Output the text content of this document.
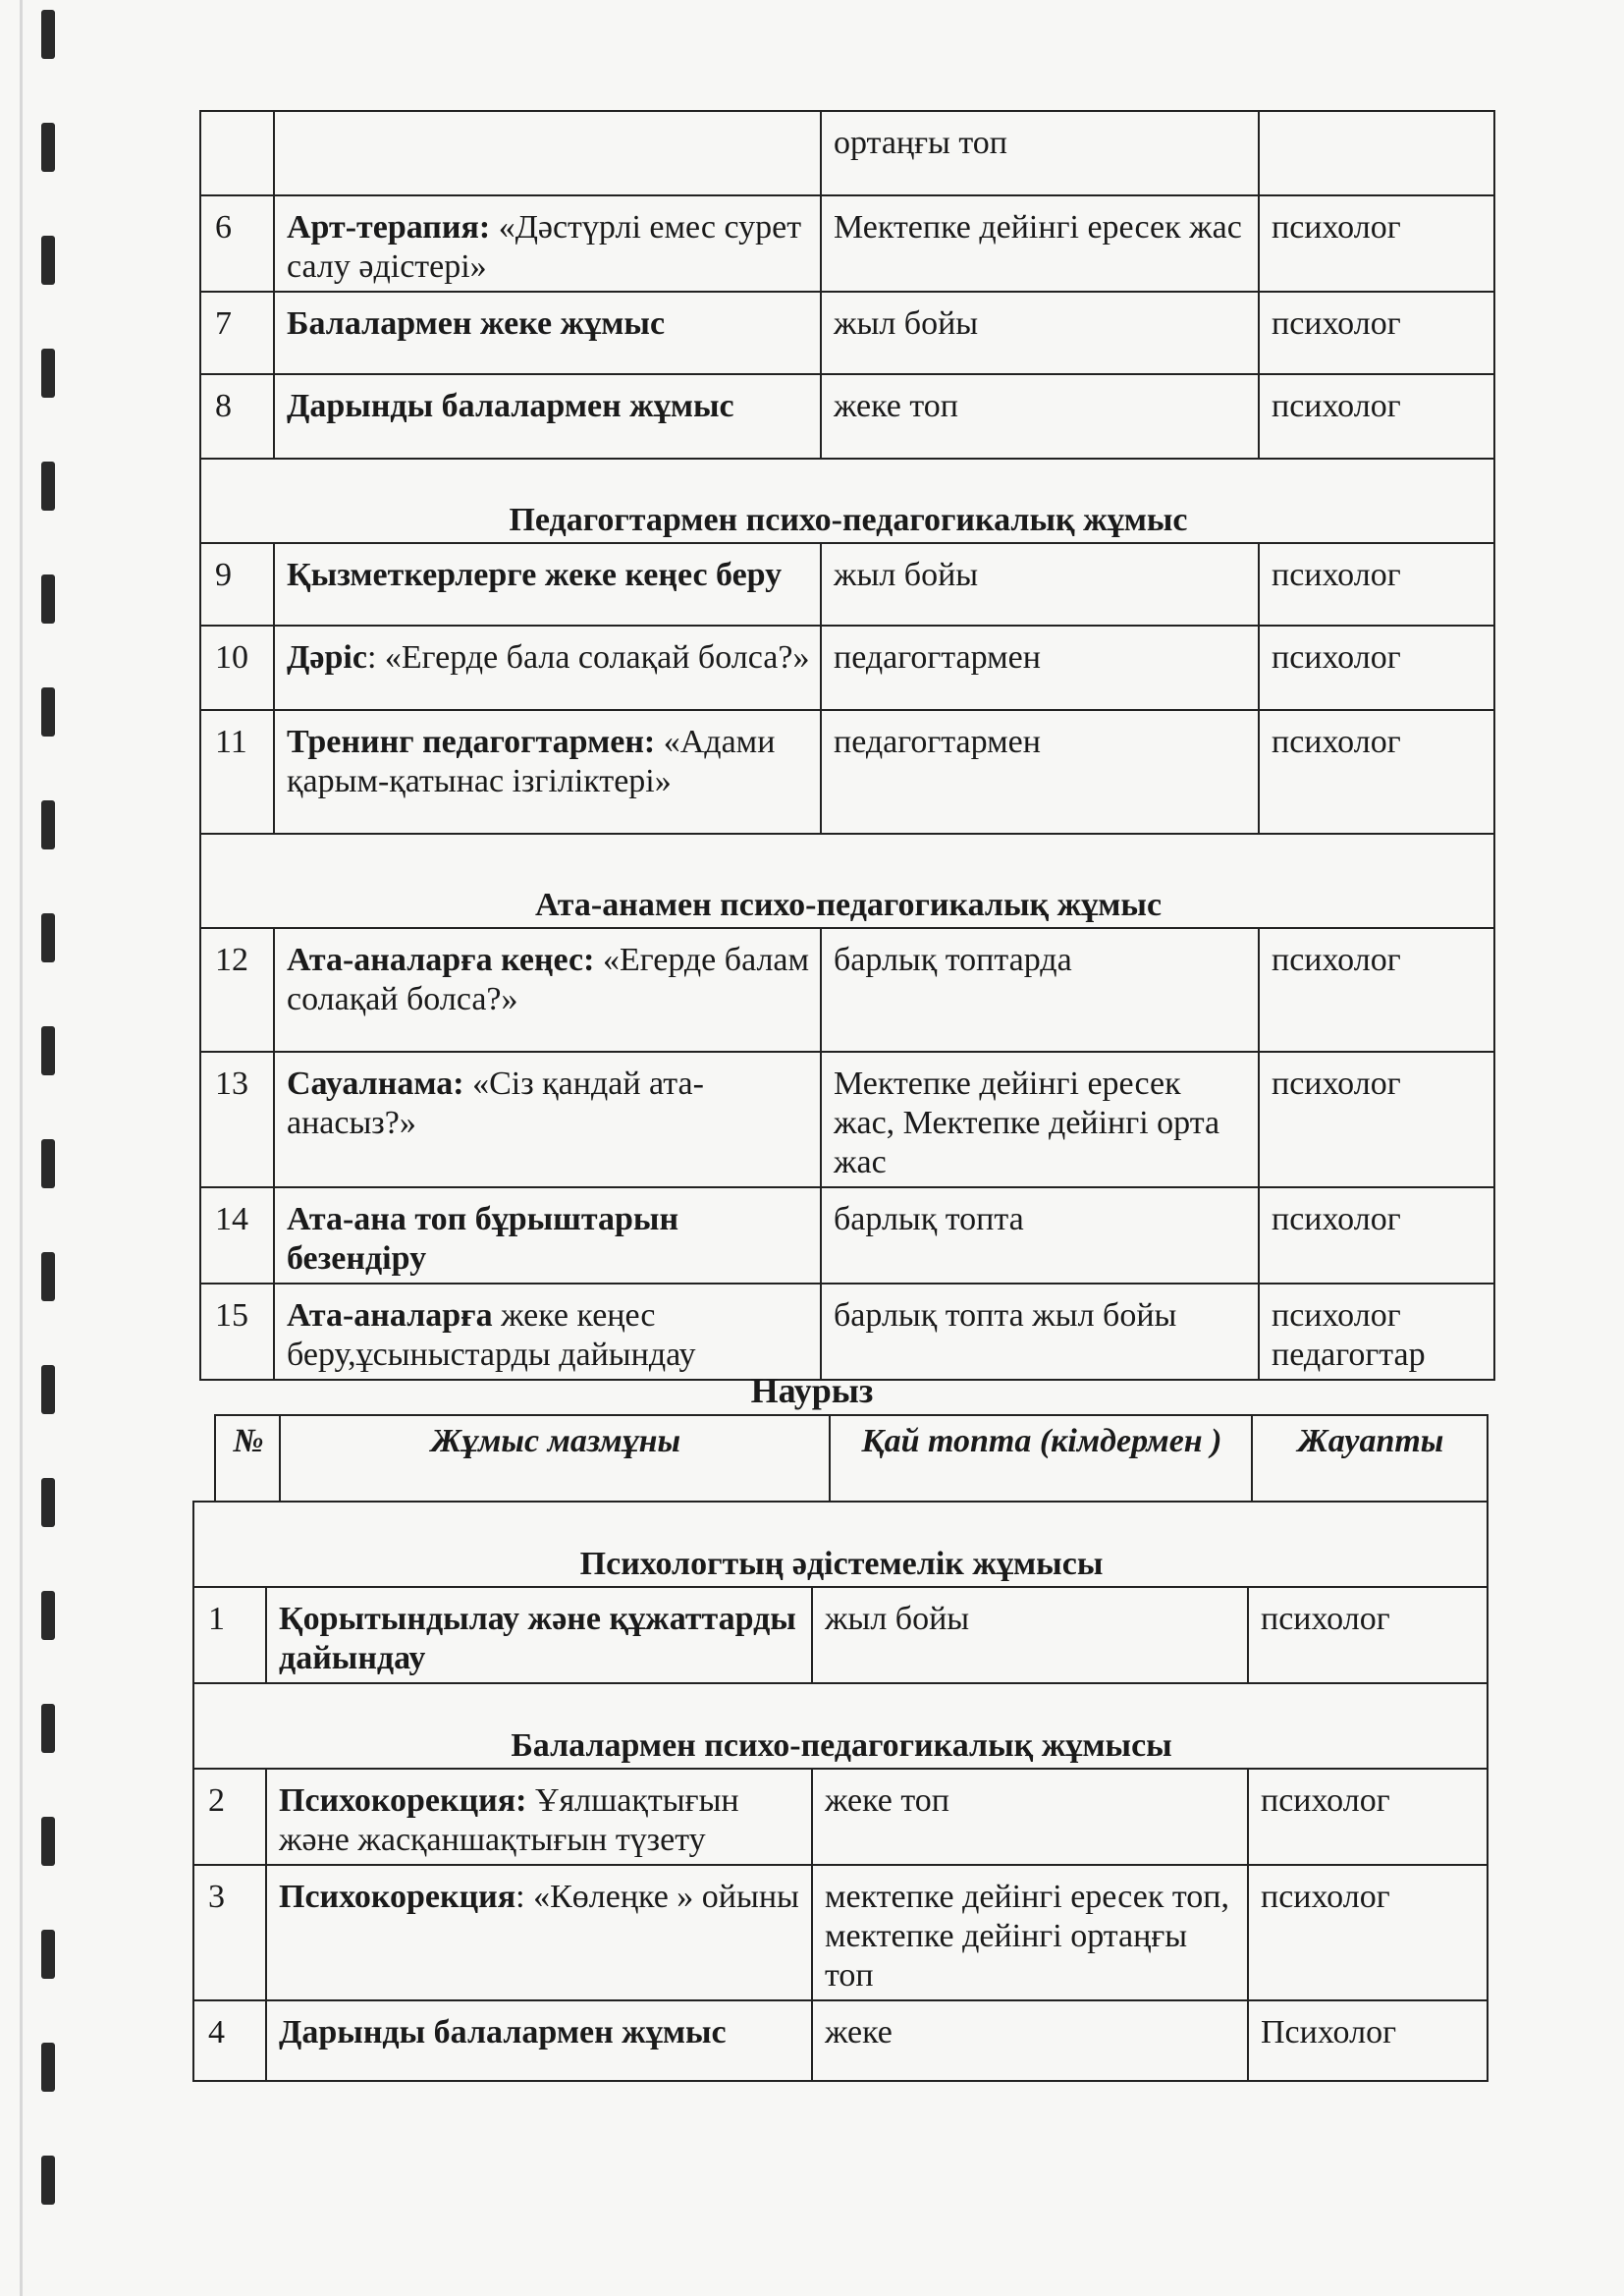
		ортаңғы топ	
6	Арт-терапия: «Дәстүрлі емес сурет салу әдістері»	Мектепке дейінгі ересек жас	психолог
7	Балалармен жеке жұмыс	жыл бойы	психолог
8	Дарынды балалармен жұмыс	жеке топ	психолог
Педагогтармен психо-педагогикалық жұмыс			
9	Қызметкерлерге жеке кеңес беру	жыл бойы	психолог
10	Дәріс: «Егерде бала солақай болса?»	педагогтармен	психолог
11	Тренинг педагогтармен: «Адами қарым-қатынас ізгіліктері»	педагогтармен	психолог
Ата-анамен психо-педагогикалық жұмыс			
12	Ата-аналарға кеңес: «Егерде балам солақай болса?»	барлық топтарда	психолог
13	Сауалнама: «Сіз қандай ата-анасыз?»	Мектепке дейінгі ересек жас, Мектепке дейінгі орта жас	психолог
14	Ата-ана топ бұрыштарын безендіру	барлық топта	психолог
15	Ата-аналарға жеке кеңес беру,ұсыныстарды дайындау	барлық топта жыл бойы	психолог педагогтар
Наурыз
№	Жұмыс мазмұны	Қай топта (кімдермен )	Жауапты
Психологтың әдістемелік жұмысы			
1	Қорытындылау және құжаттарды дайындау	жыл бойы	психолог
Балалармен психо-педагогикалық жұмысы			
2	Психокорекция: Ұялшақтығын және жасқаншақтығын түзету	жеке топ	психолог
3	Психокорекция: «Көлеңке » ойыны	мектепке дейінгі ересек топ, мектепке дейінгі ортаңғы топ	психолог
4	Дарынды балалармен жұмыс	жеке	Психолог
